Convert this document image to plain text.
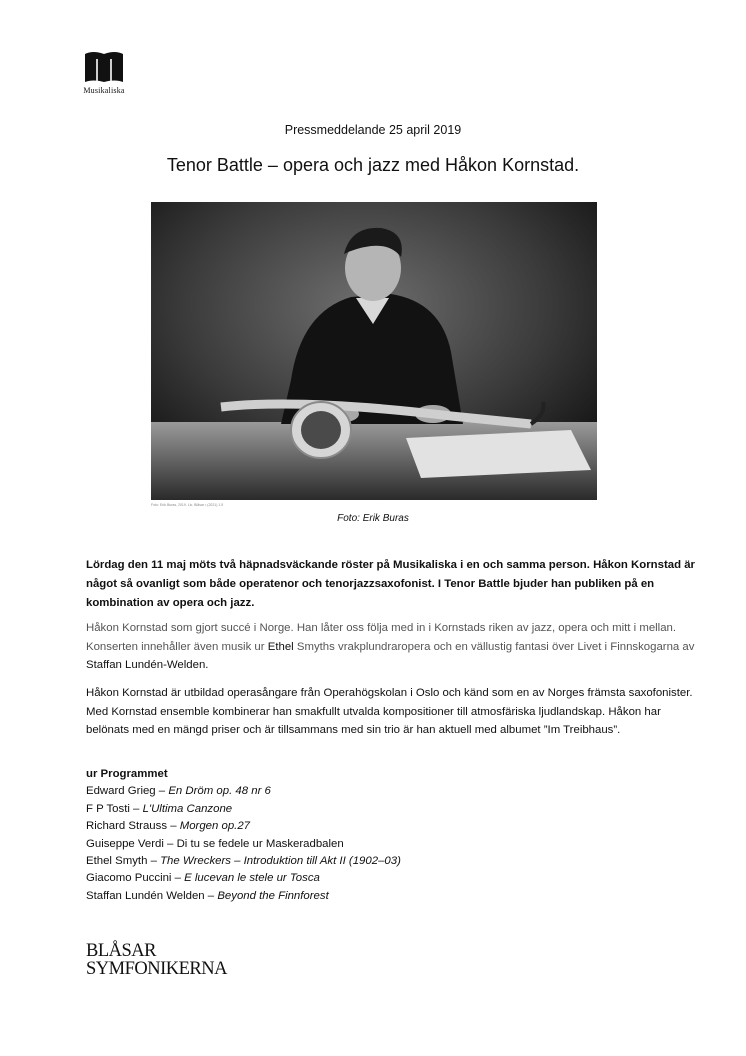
Musikaliska
Pressmeddelande 25 april 2019
Tenor Battle – opera och jazz med Håkon Kornstad.
Foto: Erik Buras, 2019. Lic. Blåsar • (2021) 1 5
Foto: Erik Buras
Lördag den 11 maj möts två häpnadsväckande röster på Musikaliska i en och samma person. Håkon Kornstad är något så ovanligt som både operatenor och tenorjazzsaxofonist. I Tenor Battle bjuder han publiken på en kombination av opera och jazz.
Håkon Kornstad som gjort succé i Norge. Han låter oss följa med in i Kornstads riken av jazz, opera och mitt i mellan. Konserten innehåller även musik ur Ethel Smyths vrakplundraropera och en vällustig fantasi över Livet i Finnskogarna av Staffan Lundén-Welden.
Håkon Kornstad är utbildad operasångare från Operahögskolan i Oslo och känd som en av Norges främsta saxofonister. Med Kornstad ensemble kombinerar han smakfullt utvalda kompositioner till atmosfäriska ljudlandskap. Håkon har belönats med en mängd priser och är tillsammans med sin trio är han aktuell med albumet ”Im Treibhaus”.
ur Programmet
Edward Grieg – En Dröm op. 48 nr 6
F P Tosti – L'Ultima Canzone
Richard Strauss – Morgen op.27
Guiseppe Verdi – Di tu se fedele ur Maskeradbalen
Ethel Smyth – The Wreckers – Introduktion till Akt II (1902–03)
Giacomo Puccini – E lucevan le stele ur Tosca
Staffan Lundén Welden – Beyond the Finnforest
BLÅSAR
SYMFONIKERNA
